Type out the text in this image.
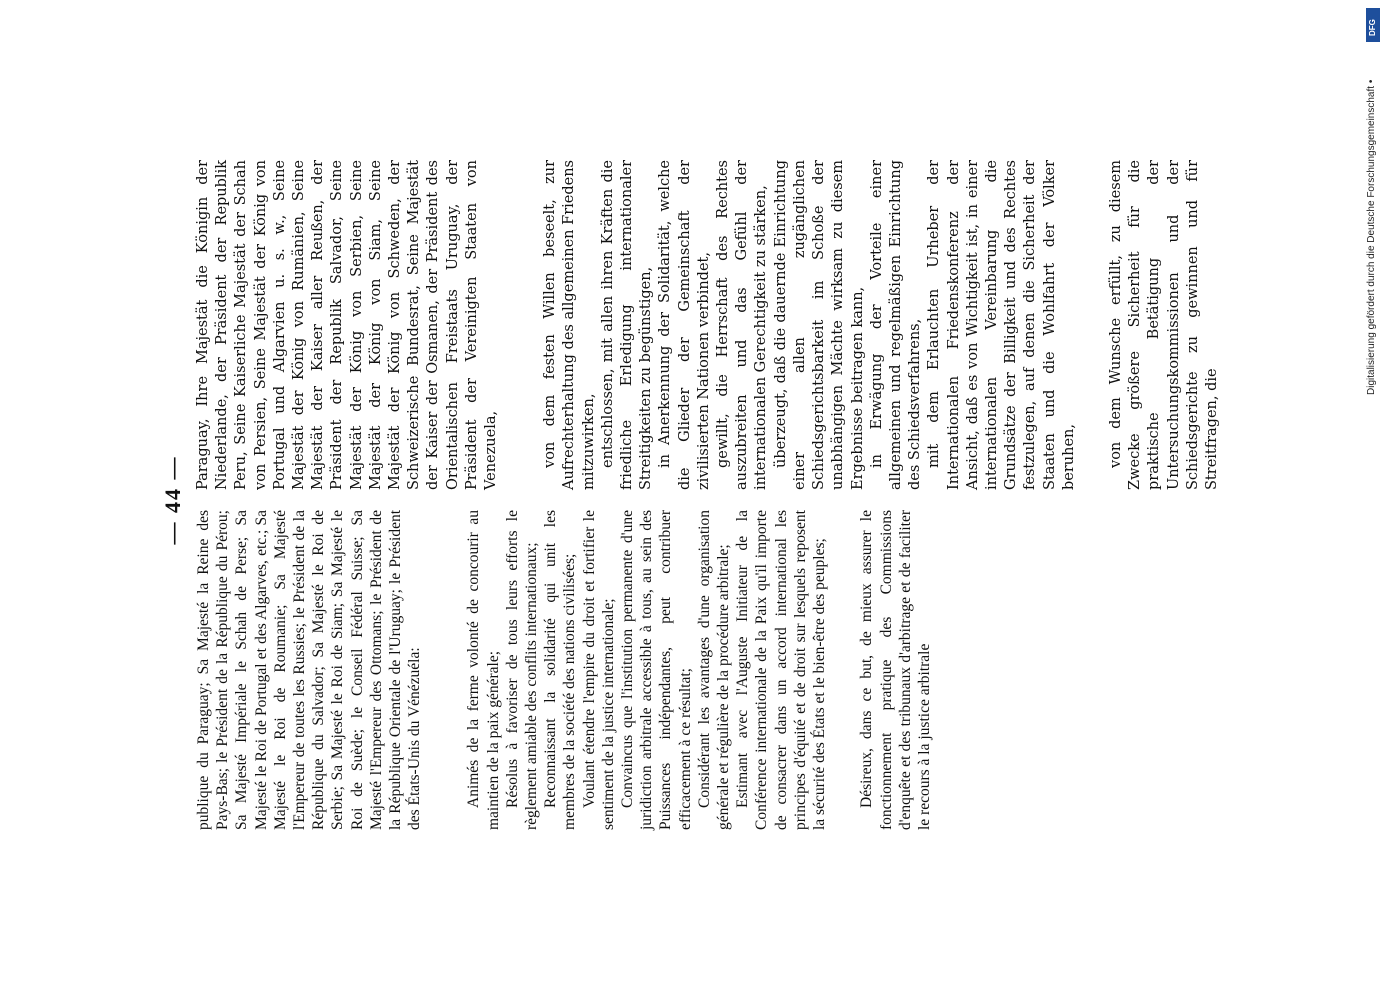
— 44 —

publique du Paraguay; Sa Majesté la Reine des Pays-Bas; le Président de la République du Pérou; Sa Majesté Impériale le Schah de Perse; Sa Majesté le Roi de Portugal et des Algarves, etc.; Sa Majesté le Roi de Roumanie; Sa Majesté l'Empereur de toutes les Russies; le Président de la République du Salvador; Sa Majesté le Roi de Serbie; Sa Majesté le Roi de Siam; Sa Majesté le Roi de Suède; le Conseil Fédéral Suisse; Sa Majesté l'Empereur des Ottomans; le Président de la République Orientale de l'Uruguay; le Président des États-Unis du Vénézuéla:	Animés de la ferme volonté de concourir au maintien de la paix générale; Résolus à favoriser de tous leurs efforts le règlement amiable des conflits internationaux; Reconnaissant la solidarité qui unit les membres de la société des nations civilisées; Voulant étendre l'empire du droit et fortifier le sentiment de la justice internationale; Convaincus que l'institution permanente d'une juridiction arbitrale accessible à tous, au sein des Puissances indépendantes, peut contribuer efficacement à ce résultat; Considérant les avantages d'une organisation générale et régulière de la procédure arbitrale; Estimant avec l'Auguste Initiateur de la Conférence internationale de la Paix qu'il importe de consacrer dans un accord international les principes d'équité et de droit sur lesquels reposent la sécurité des États et le bien-être des peuples; Désireux, dans ce but, de mieux assurer le fonctionnement pratique des Commissions d'enquête et des tribunaux d'arbitrage et de faciliter le recours à la justice arbitrale

Paraguay, Ihre Majestät die Königin der Niederlande, der Präsident der Republik Peru, Seine Kaiserliche Majestät der Schah von Persien, Seine Majestät der König von Portugal und Algarvien u. s. w., Seine Majestät der König von Rumänien, Seine Majestät der Kaiser aller Reußen, der Präsident der Republik Salvador, Seine Majestät der König von Serbien, Seine Majestät der König von Siam, Seine Majestät der König von Schweden, der Schweizerische Bundesrat, Seine Majestät der Kaiser der Osmanen, der Präsident des Orientalischen Freistaats Uruguay, der Präsident der Vereinigten Staaten von Venezuela,	von dem festen Willen beseelt, zur Aufrechterhaltung des allgemeinen Friedens mitzuwirken, entschlossen, mit allen ihren Kräften die friedliche Erledigung internationaler Streitigkeiten zu begünstigen, in Anerkennung der Solidarität, welche die Glieder der Gemeinschaft der zivilisierten Nationen verbindet, gewillt, die Herrschaft des Rechtes auszubreiten und das Gefühl der internationalen Gerechtigkeit zu stärken, überzeugt, daß die dauernde Einrichtung einer allen zugänglichen Schiedsgerichtsbarkeit im Schoße der unabhängigen Mächte wirksam zu diesem Ergebnisse beitragen kann, in Erwägung der Vorteile einer allgemeinen und regelmäßigen Einrichtung des Schiedsverfahrens, mit dem Erlauchten Urheber der Internationalen Friedenskonferenz der Ansicht, daß es von Wichtigkeit ist, in einer internationalen Vereinbarung die Grundsätze der Billigkeit und des Rechtes festzulegen, auf denen die Sicherheit der Staaten und die Wohlfahrt der Völker beruhen, von dem Wunsche erfüllt, zu diesem Zwecke größere Sicherheit für die praktische Betätigung der Untersuchungskommissionen und der Schiedsgerichte zu gewinnen und für Streitfragen, die

DFG
Digitalisierung gefördert durch die Deutsche Forschungsgemeinschaft •
